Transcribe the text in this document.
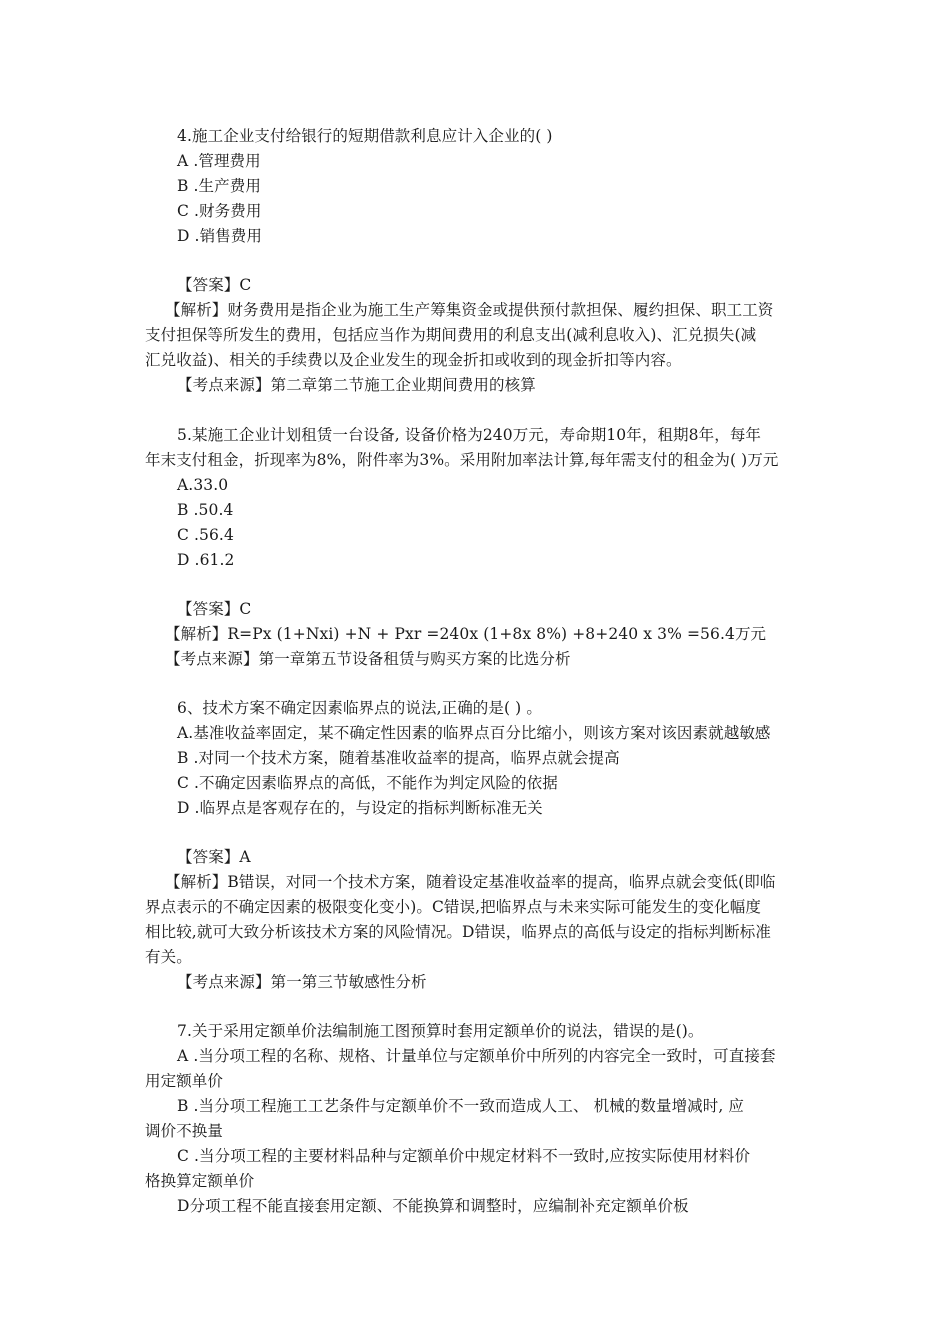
4.施工企业支付给银行的短期借款利息应计入企业的( )
A .管理费用
B .生产费用
C .财务费用
D .销售费用
【答案】C
【解析】财务费用是指企业为施工生产筹集资金或提供预付款担保、履约担保、职工工资
支付担保等所发生的费用，包括应当作为期间费用的利息支出(减利息收入)、汇兑损失(减
汇兑收益)、相关的手续费以及企业发生的现金折扣或收到的现金折扣等内容。
【考点来源】第二章第二节施工企业期间费用的核算
5.某施工企业计划租赁一台设备, 设备价格为240万元，寿命期10年，租期8年，每年
年末支付租金，折现率为8%，附件率为3%。采用附加率法计算,每年需支付的租金为( )万元
A.33.0
B .50.4
C .56.4
D .61.2
【答案】C
【解析】R=Px (1+Nxi) +N + Pxr =240x (1+8x 8%) +8+240 x 3% =56.4万元
【考点来源】第一章第五节设备租赁与购买方案的比选分析
6、技术方案不确定因素临界点的说法,正确的是( ) 。
A.基准收益率固定，某不确定性因素的临界点百分比缩小，则该方案对该因素就越敏感
B .对同一个技术方案，随着基准收益率的提高，临界点就会提高
C .不确定因素临界点的高低，不能作为判定风险的依据
D .临界点是客观存在的，与设定的指标判断标准无关
【答案】A
【解析】B错误，对同一个技术方案，随着设定基准收益率的提高，临界点就会变低(即临
界点表示的不确定因素的极限变化变小)。C错误,把临界点与未来实际可能发生的变化幅度
相比较,就可大致分析该技术方案的风险情况。D错误，临界点的高低与设定的指标判断标准
有关。
【考点来源】第一第三节敏感性分析
7.关于采用定额单价法编制施工图预算时套用定额单价的说法，错误的是()。
A .当分项工程的名称、规格、计量单位与定额单价中所列的内容完全一致时，可直接套
用定额单价
B .当分项工程施工工艺条件与定额单价不一致而造成人工、 机械的数量增减时, 应
调价不换量
C .当分项工程的主要材料品种与定额单价中规定材料不一致时,应按实际使用材料价
格换算定额单价
D分项工程不能直接套用定额、不能换算和调整时，应编制补充定额单价板
